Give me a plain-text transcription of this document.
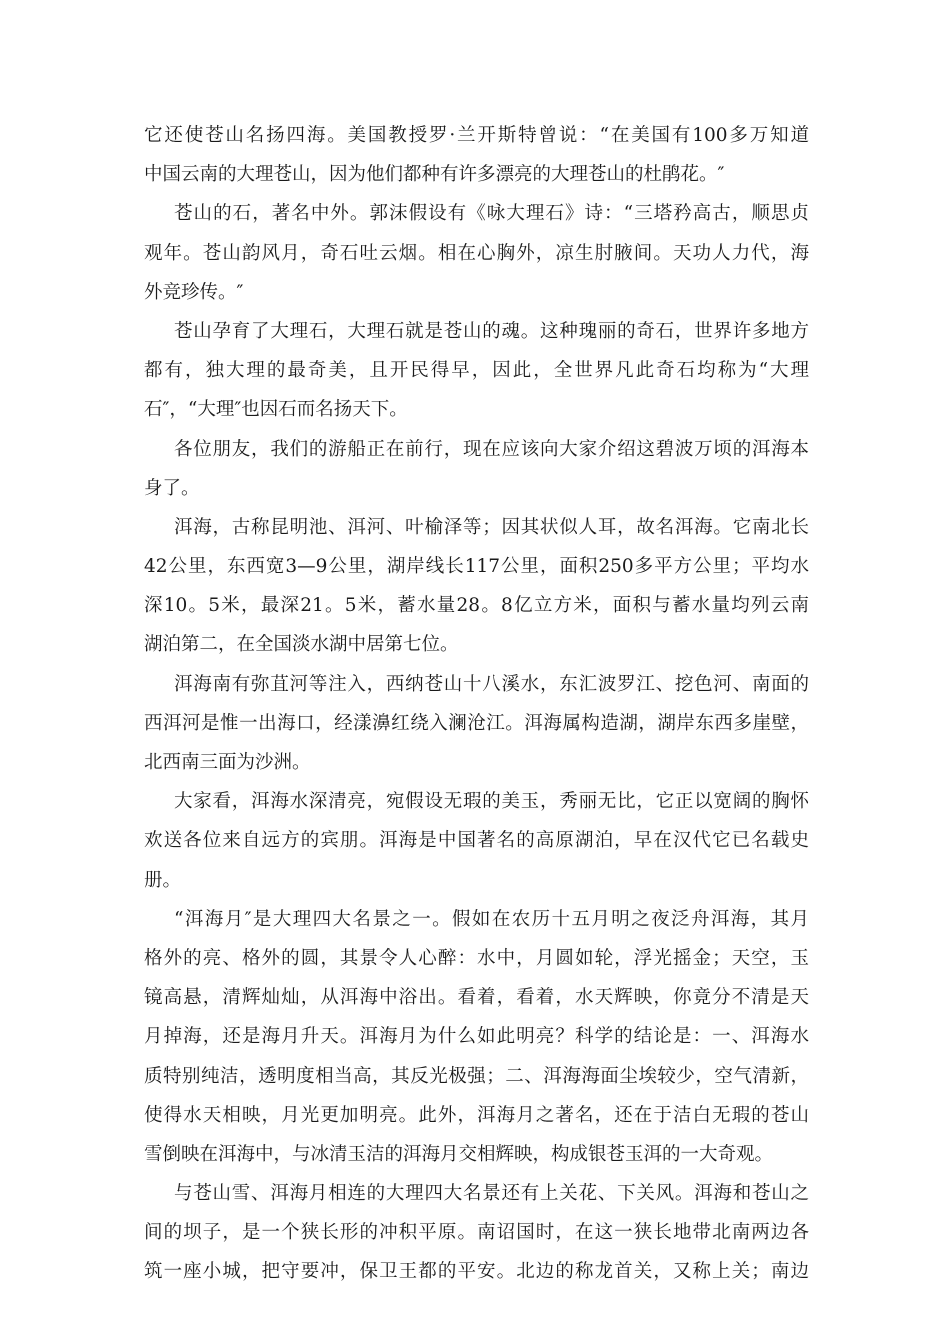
它还使苍山名扬四海。美国教授罗·兰开斯特曾说：“在美国有100多万知道
中国云南的大理苍山，因为他们都种有许多漂亮的大理苍山的杜鹃花。″
苍山的石，著名中外。郭沫假设有《咏大理石》诗：“三塔矜高古，顺思贞
观年。苍山韵风月，奇石吐云烟。相在心胸外，凉生肘腋间。天功人力代，海
外竞珍传。″
苍山孕育了大理石，大理石就是苍山的魂。这种瑰丽的奇石，世界许多地方
都有，独大理的最奇美，且开民得早，因此，全世界凡此奇石均称为“大理
石″，“大理″也因石而名扬天下。
各位朋友，我们的游船正在前行，现在应该向大家介绍这碧波万顷的洱海本
身了。
洱海，古称昆明池、洱河、叶榆泽等；因其状似人耳，故名洱海。它南北长
42公里，东西宽3—9公里，湖岸线长117公里，面积250多平方公里；平均水
深10。5米，最深21。5米，蓄水量28。8亿立方米，面积与蓄水量均列云南
湖泊第二，在全国淡水湖中居第七位。
洱海南有弥苴河等注入，西纳苍山十八溪水，东汇波罗江、挖色河、南面的
西洱河是惟一出海口，经漾濞红绕入澜沧江。洱海属构造湖，湖岸东西多崖壁，
北西南三面为沙洲。
大家看，洱海水深清亮，宛假设无瑕的美玉，秀丽无比，它正以宽阔的胸怀
欢送各位来自远方的宾朋。洱海是中国著名的高原湖泊，早在汉代它已名载史
册。
“洱海月″是大理四大名景之一。假如在农历十五月明之夜泛舟洱海，其月
格外的亮、格外的圆，其景令人心醉：水中，月圆如轮，浮光摇金；天空，玉
镜高悬，清辉灿灿，从洱海中浴出。看着，看着，水天辉映，你竟分不清是天
月掉海，还是海月升天。洱海月为什么如此明亮？科学的结论是：一、洱海水
质特别纯洁，透明度相当高，其反光极强；二、洱海海面尘埃较少，空气清新，
使得水天相映，月光更加明亮。此外，洱海月之著名，还在于洁白无瑕的苍山
雪倒映在洱海中，与冰清玉洁的洱海月交相辉映，构成银苍玉洱的一大奇观。
与苍山雪、洱海月相连的大理四大名景还有上关花、下关风。洱海和苍山之
间的坝子，是一个狭长形的冲积平原。南诏国时，在这一狭长地带北南两边各
筑一座小城，把守要冲，保卫王都的平安。北边的称龙首关，又称上关；南边
